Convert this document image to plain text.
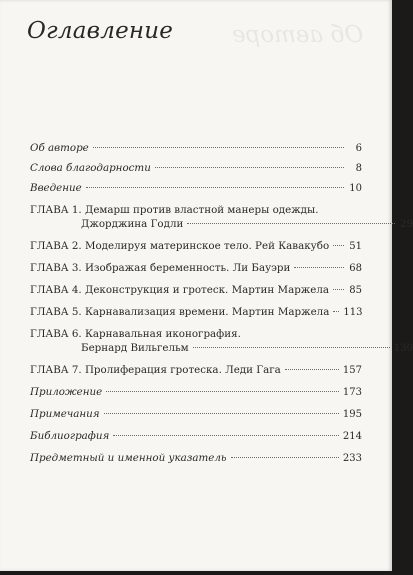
Об авторе
Оглавление
Об авторе	6
Слова благодарности	8
Введение	10
ГЛАВА 1. Демарш против властной манеры одежды.
Джорджина Годли	29
ГЛАВА 2. Моделируя материнское тело. Рей Кавакубо 51
ГЛАВА 3. Изображая беременность. Ли Бауэри	68
ГЛАВА 4. Деконструкция и гротеск. Мартин Маржела 85
ГЛАВА 5. Карнавализация времени. Мартин Маржела 113
ГЛАВА 6. Карнавальная иконография.
Бернард Вильгельм	130
ГЛАВА 7. Пролиферация гротеска. Леди Гага	157
Приложение	173
Примечания	195
Библиография	214
Предметный и именной указатель	233
